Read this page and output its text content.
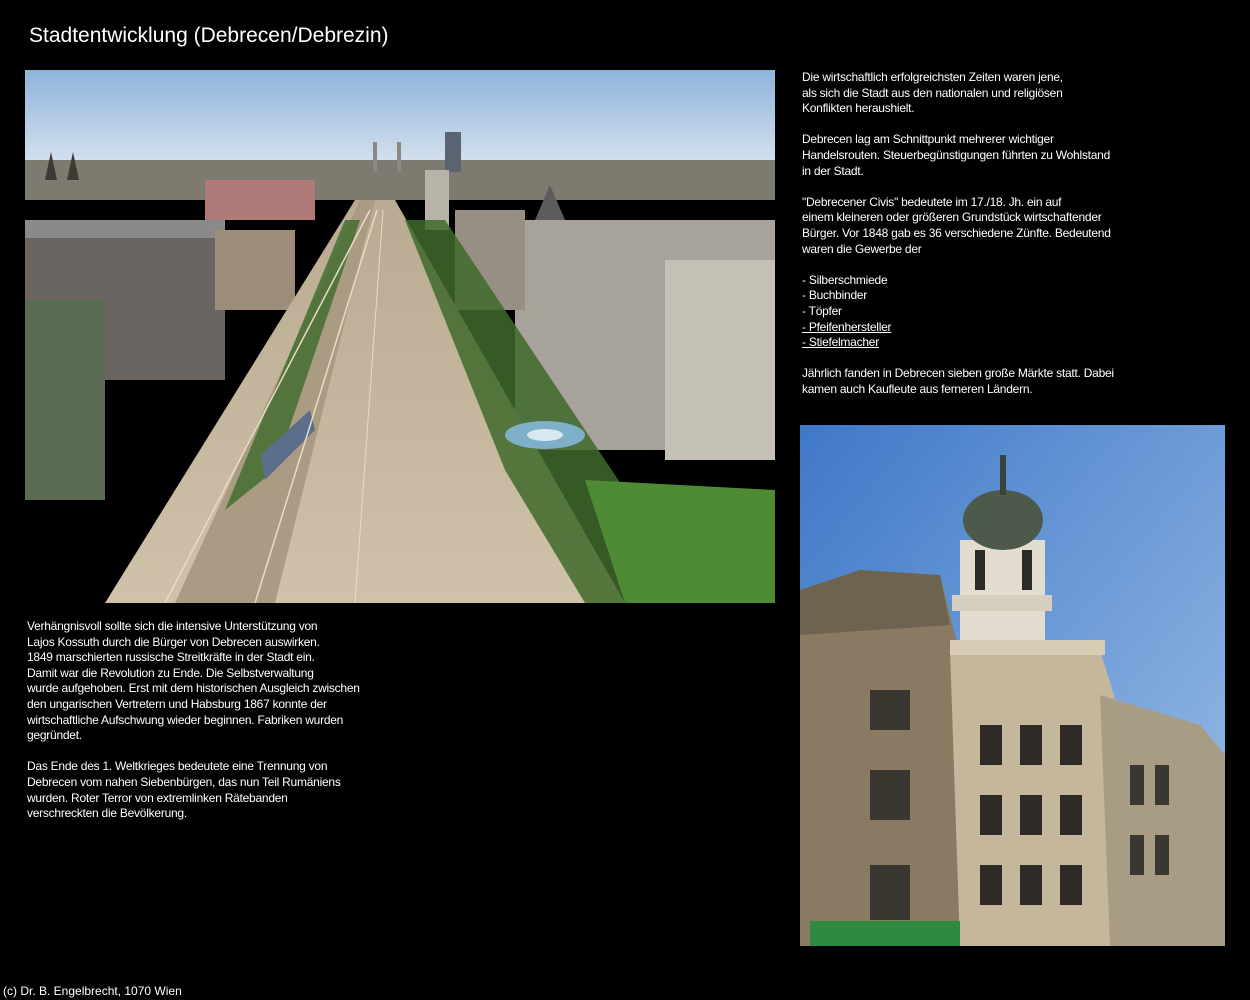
Stadtentwicklung (Debrecen/Debrezin)

Die wirtschaftlich erfolgreichsten Zeiten waren jene,
als sich die Stadt aus den nationalen und religiösen
Konflikten heraushielt.

Debrecen lag am Schnittpunkt mehrerer wichtiger
Handelsrouten. Steuerbegünstigungen führten zu Wohlstand
in der Stadt.

"Debrecener Civis" bedeutete im 17./18. Jh. ein auf
einem kleineren oder größeren Grundstück wirtschaftender
Bürger. Vor 1848 gab es 36 verschiedene Zünfte. Bedeutend
waren die Gewerbe der

- Silberschmiede
- Buchbinder
- Töpfer
- Pfeifenhersteller
- Stiefelmacher

Jährlich fanden in Debrecen sieben große Märkte statt. Dabei
kamen auch Kaufleute aus ferneren Ländern.

Verhängnisvoll sollte sich die intensive Unterstützung von
Lajos Kossuth durch die Bürger von Debrecen auswirken.
1849 marschierten russische Streitkräfte in der Stadt ein.
Damit war die Revolution zu Ende. Die Selbstverwaltung
wurde aufgehoben. Erst mit dem historischen Ausgleich zwischen
den ungarischen Vertretern und Habsburg 1867 konnte der
wirtschaftliche Aufschwung wieder beginnen. Fabriken wurden
gegründet.

Das Ende des 1. Weltkrieges bedeutete eine Trennung von
Debrecen vom nahen Siebenbürgen, das nun Teil Rumäniens
wurden. Roter Terror von extremlinken Rätebanden
verschreckten die Bevölkerung.

(c) Dr. B. Engelbrecht, 1070 Wien
